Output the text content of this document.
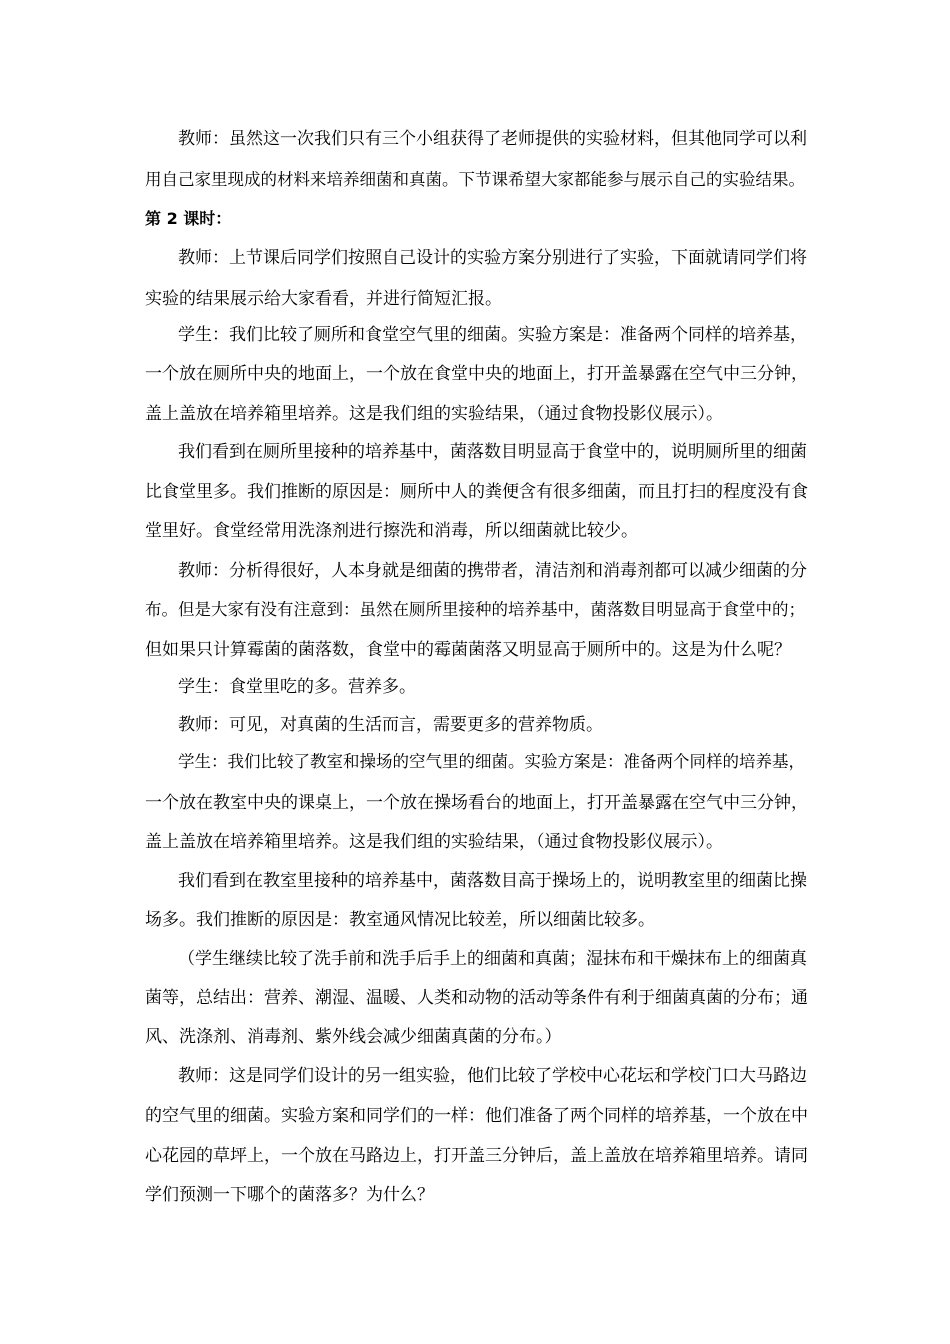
教师：虽然这一次我们只有三个小组获得了老师提供的实验材料，但其他同学可以利
用自己家里现成的材料来培养细菌和真菌。下节课希望大家都能参与展示自己的实验结果。
第 2 课时：
教师：上节课后同学们按照自己设计的实验方案分别进行了实验，下面就请同学们将
实验的结果展示给大家看看，并进行简短汇报。
学生：我们比较了厕所和食堂空气里的细菌。实验方案是：准备两个同样的培养基，
一个放在厕所中央的地面上，一个放在食堂中央的地面上，打开盖暴露在空气中三分钟，
盖上盖放在培养箱里培养。这是我们组的实验结果，（通过食物投影仪展示）。
我们看到在厕所里接种的培养基中，菌落数目明显高于食堂中的，说明厕所里的细菌
比食堂里多。我们推断的原因是：厕所中人的粪便含有很多细菌，而且打扫的程度没有食
堂里好。食堂经常用洗涤剂进行擦洗和消毒，所以细菌就比较少。
教师：分析得很好，人本身就是细菌的携带者，清洁剂和消毒剂都可以减少细菌的分
布。但是大家有没有注意到：虽然在厕所里接种的培养基中，菌落数目明显高于食堂中的；
但如果只计算霉菌的菌落数，食堂中的霉菌菌落又明显高于厕所中的。这是为什么呢？
学生：食堂里吃的多。营养多。
教师：可见，对真菌的生活而言，需要更多的营养物质。
学生：我们比较了教室和操场的空气里的细菌。实验方案是：准备两个同样的培养基，
一个放在教室中央的课桌上，一个放在操场看台的地面上，打开盖暴露在空气中三分钟，
盖上盖放在培养箱里培养。这是我们组的实验结果，（通过食物投影仪展示）。
我们看到在教室里接种的培养基中，菌落数目高于操场上的，说明教室里的细菌比操
场多。我们推断的原因是：教室通风情况比较差，所以细菌比较多。
（学生继续比较了洗手前和洗手后手上的细菌和真菌；湿抹布和干燥抹布上的细菌真
菌等，总结出：营养、潮湿、温暖、人类和动物的活动等条件有利于细菌真菌的分布；通
风、洗涤剂、消毒剂、紫外线会减少细菌真菌的分布。）
教师：这是同学们设计的另一组实验，他们比较了学校中心花坛和学校门口大马路边
的空气里的细菌。实验方案和同学们的一样：他们准备了两个同样的培养基，一个放在中
心花园的草坪上，一个放在马路边上，打开盖三分钟后，盖上盖放在培养箱里培养。请同
学们预测一下哪个的菌落多？为什么？
